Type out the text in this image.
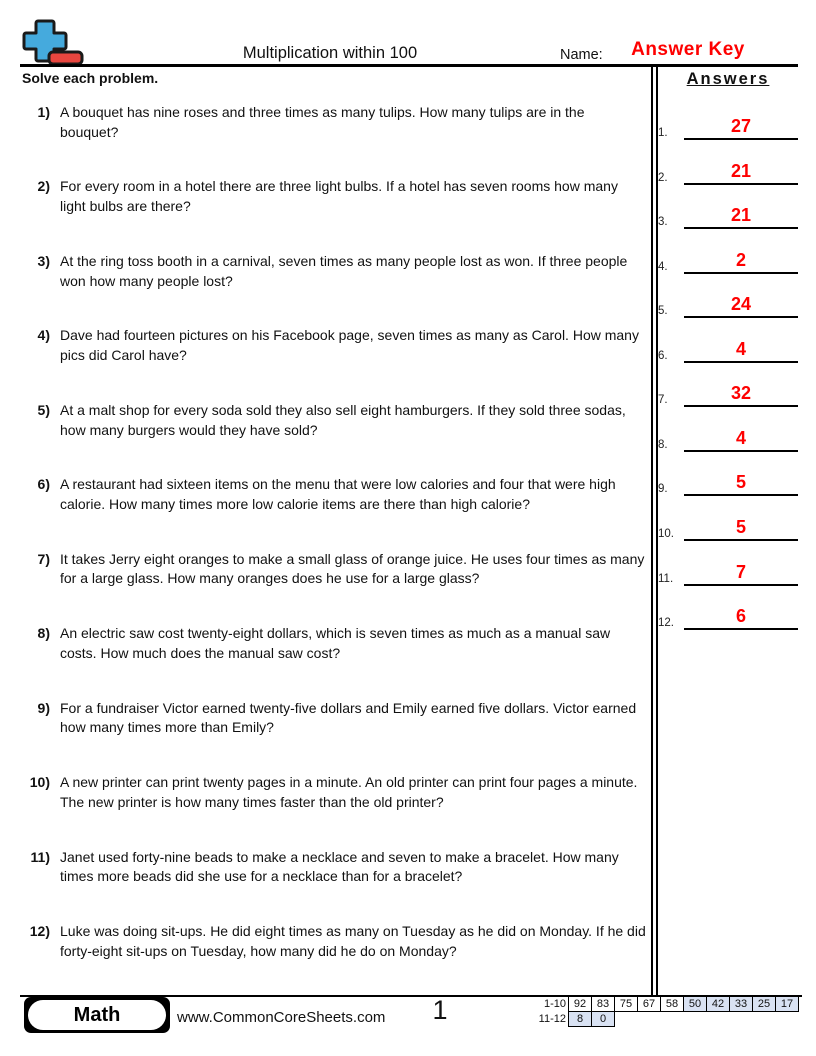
Multiplication within 100	Name:	Answer Key
Solve each problem.
1) A bouquet has nine roses and three times as many tulips. How many tulips are in the bouquet?
2) For every room in a hotel there are three light bulbs. If a hotel has seven rooms how many light bulbs are there?
3) At the ring toss booth in a carnival, seven times as many people lost as won. If three people won how many people lost?
4) Dave had fourteen pictures on his Facebook page, seven times as many as Carol. How many pics did Carol have?
5) At a malt shop for every soda sold they also sell eight hamburgers. If they sold three sodas, how many burgers would they have sold?
6) A restaurant had sixteen items on the menu that were low calories and four that were high calorie. How many times more low calorie items are there than high calorie?
7) It takes Jerry eight oranges to make a small glass of orange juice. He uses four times as many for a large glass. How many oranges does he use for a large glass?
8) An electric saw cost twenty-eight dollars, which is seven times as much as a manual saw costs. How much does the manual saw cost?
9) For a fundraiser Victor earned twenty-five dollars and Emily earned five dollars. Victor earned how many times more than Emily?
10) A new printer can print twenty pages in a minute. An old printer can print four pages a minute. The new printer is how many times faster than the old printer?
11) Janet used forty-nine beads to make a necklace and seven to make a bracelet. How many times more beads did she use for a necklace than for a bracelet?
12) Luke was doing sit-ups. He did eight times as many on Tuesday as he did on Monday. If he did forty-eight sit-ups on Tuesday, how many did he do on Monday?
Answers
1.	27
2.	21
3.	21
4.	2
5.	24
6.	4
7.	32
8.	4
9.	5
10.	5
11.	7
12.	6
Math	www.CommonCoreSheets.com	1	1-10 92 83 75 67 58 50 42 33 25 17
11-12 8	0
